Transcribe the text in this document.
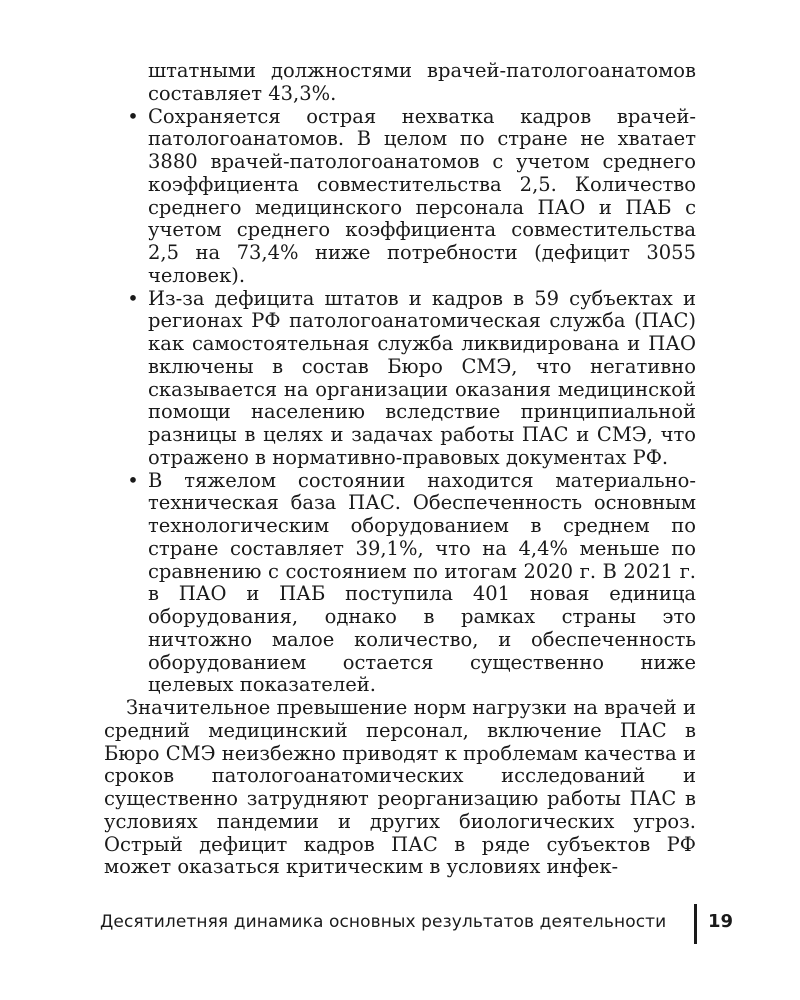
штатными должностями врачей-патологоанатомов составляет 43,3%.

• Сохраняется острая нехватка кадров врачей-патологоанатомов. В целом по стране не хватает 3880 врачей-патологоанатомов с учетом среднего коэффициента совместительства 2,5. Количество среднего медицинского персонала ПАО и ПАБ с учетом среднего коэффициента совместительства 2,5 на 73,4% ниже потребности (дефицит 3055 человек).
• Из-за дефицита штатов и кадров в 59 субъектах и регионах РФ патологоанатомическая служба (ПАС) как самостоятельная служба ликвидирована и ПАО включены в состав Бюро СМЭ, что негативно сказывается на организации оказания медицинской помощи населению вследствие принципиальной разницы в целях и задачах работы ПАС и СМЭ, что отражено в нормативно-правовых документах РФ.
• В тяжелом состоянии находится материально-техническая база ПАС. Обеспеченность основным технологическим оборудованием в среднем по стране составляет 39,1%, что на 4,4% меньше по сравнению с состоянием по итогам 2020 г. В 2021 г. в ПАО и ПАБ поступила 401 новая единица оборудования, однако в рамках страны это ничтожно малое количество, и обеспеченность оборудованием остается существенно ниже целевых показателей.

Значительное превышение норм нагрузки на врачей и средний медицинский персонал, включение ПАС в Бюро СМЭ неизбежно приводят к проблемам качества и сроков патологоанатомических исследований и существенно затрудняют реорганизацию работы ПАС в условиях пандемии и других биологических угроз. Острый дефицит кадров ПАС в ряде субъектов РФ может оказаться критическим в условиях инфек-

Десятилетняя динамика основных результатов деятельности 19
